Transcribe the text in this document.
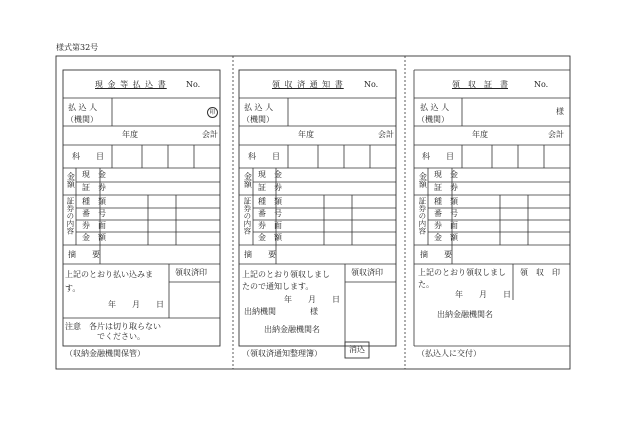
様式第32号
現 金 等 払 込 書 No.
払 込 人
（機関）
印
年度	会計
科　　目
金額 現　金
証　券
証券の内容 種　類
番　号
券　面
金　額
摘　　要
上記のとおり払い込みま
す。
領収済印
年　　月　　日
注意　各片は切り取らない
でください。
（収納金融機関保管）
領 収 済 通 知 書	No.
払 込 人
（機関）
年度	会計
科　　目
金額 現　金
証　券
証券の内容 種　類
番　号
券　面
金　額
摘　　要
上記のとおり領収しまし
たので通知します。
領収済印
年　　月　　日
出納機関	様
出納金融機関名
（領収済通知整理簿）	消込
領　収　証　書	No.
払 込 人
（機関）
様
年度	会計
科　　目
金額 現　金
証　券
証券の内容 種　類
番　号
券　面
金　額
摘　　要
上記のとおり領収しまし
た。
領　収　印
年　　月　　日
出納金融機関名
（払込人に交付）
